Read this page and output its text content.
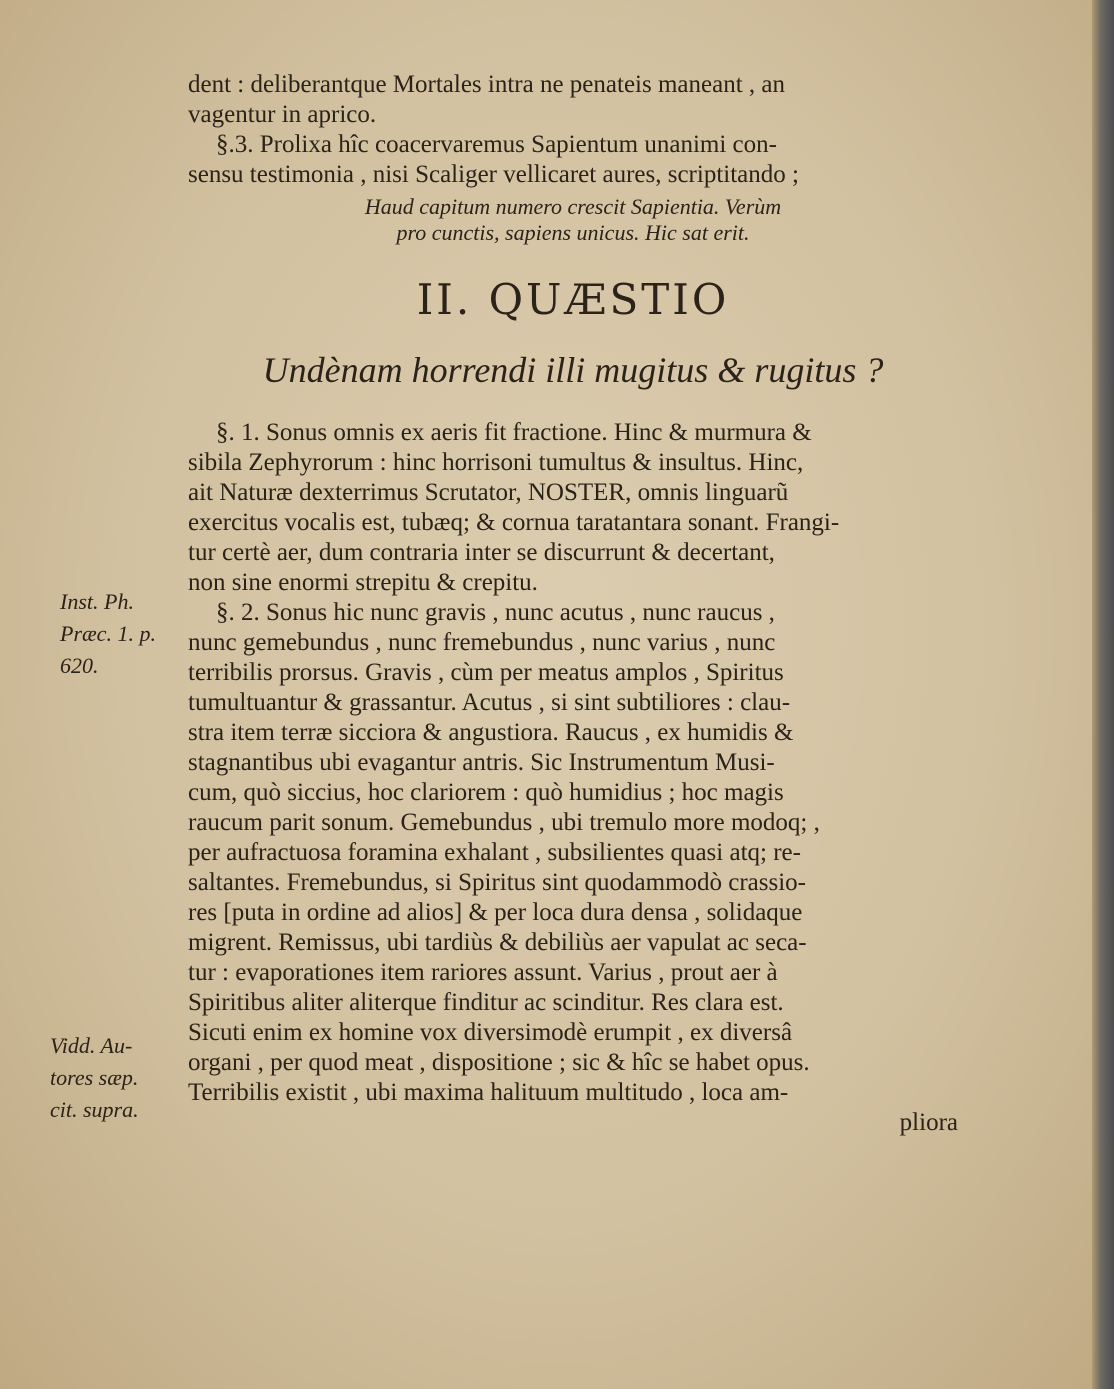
dent : deliberantque Mortales intra ne penateis maneant , an
vagentur in aprico.
§.3. Prolixa hîc coacervaremus Sapientum unanimi con-
sensu testimonia , nisi Scaliger vellicaret aures, scriptitando ;

Haud capitum numero crescit Sapientia. Verùm

pro cunctis, sapiens unicus. Hic sat erit.

II. QUÆSTIO
Undènam horrendi illi mugitus & rugitus ?
§. 1. Sonus omnis ex aeris fit fractione. Hinc & murmura &
sibila Zephyrorum : hinc horrisoni tumultus & insultus. Hinc,
ait Naturæ dexterrimus Scrutator, NOSTER, omnis linguarũ
exercitus vocalis est, tubæq; & cornua taratantara sonant. Frangi-
tur certè aer, dum contraria inter se discurrunt & decertant,
non sine enormi strepitu & crepitu.
§. 2. Sonus hic nunc gravis , nunc acutus , nunc raucus ,
nunc gemebundus , nunc fremebundus , nunc varius , nunc
terribilis prorsus. Gravis , cùm per meatus amplos , Spiritus
tumultuantur & grassantur. Acutus , si sint subtiliores : clau-
stra item terræ sicciora & angustiora. Raucus , ex humidis &
stagnantibus ubi evagantur antris. Sic Instrumentum Musi-
cum, quò siccius, hoc clariorem : quò humidius ; hoc magis
raucum parit sonum. Gemebundus , ubi tremulo more modoq; ,
per aufractuosa foramina exhalant , subsilientes quasi atq; re-
saltantes. Fremebundus, si Spiritus sint quodammodò crassio-
res [puta in ordine ad alios] & per loca dura densa , solidaque
migrent. Remissus, ubi tardiùs & debiliùs aer vapulat ac seca-
tur : evaporationes item rariores assunt. Varius , prout aer à
Spiritibus aliter aliterque finditur ac scinditur. Res clara est.
Sicuti enim ex homine vox diversimodè erumpit , ex diversâ
organi , per quod meat , dispositione ; sic & hîc se habet opus.
Terribilis existit , ubi maxima halituum multitudo , loca am-
pliora
Inst. Ph.
Præc. 1. p.
620.
Vidd. Au-
tores sæp.
cit. supra.
